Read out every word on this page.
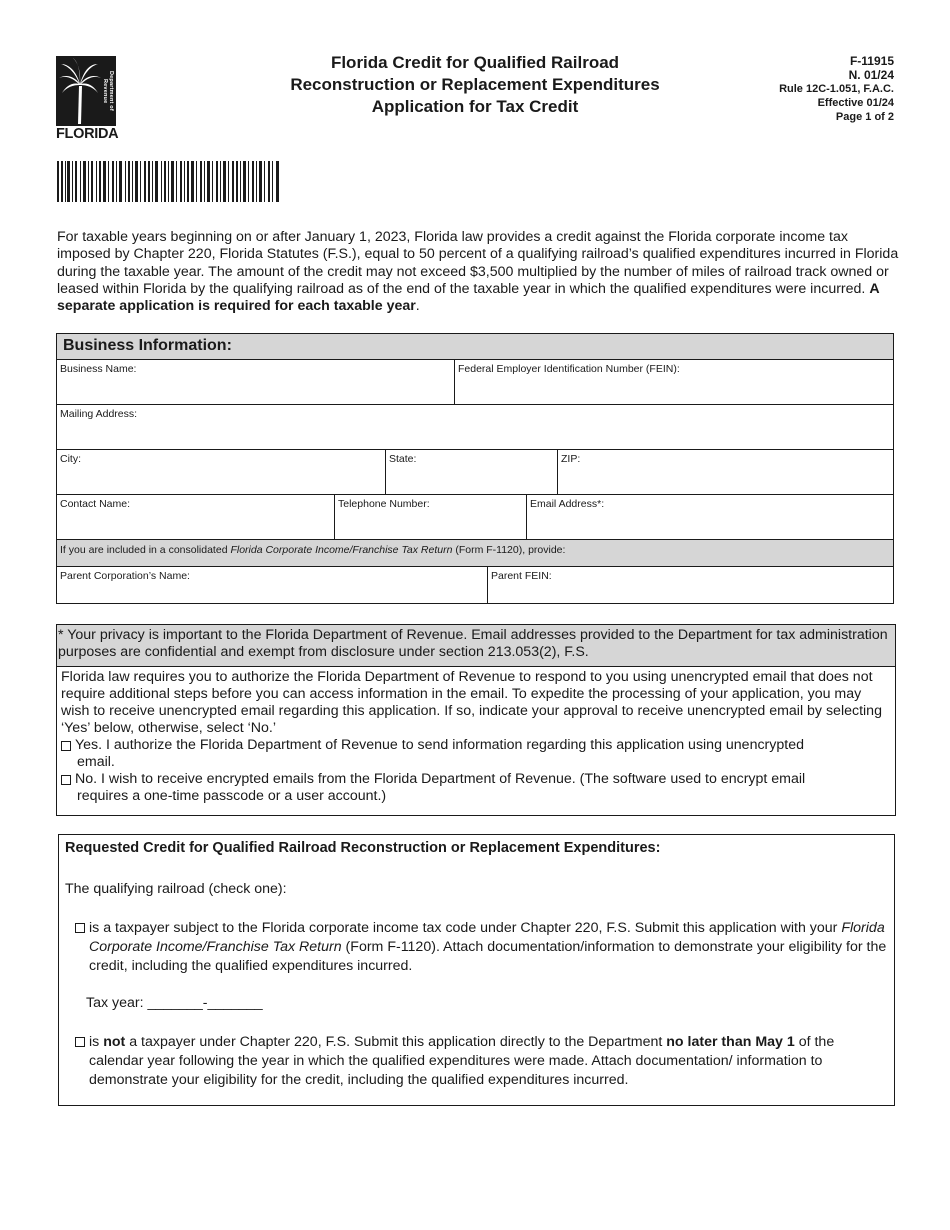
Department of Revenue
FLORIDA
Florida Credit for Qualified Railroad
Reconstruction or Replacement Expenditures
Application for Tax Credit
F-11915
N. 01/24
Rule 12C-1.051, F.A.C.
Effective 01/24
Page 1 of 2
For taxable years beginning on or after January 1, 2023, Florida law provides a credit against the Florida corporate income tax imposed by Chapter 220, Florida Statutes (F.S.), equal to 50 percent of a qualifying railroad’s qualified expenditures incurred in Florida during the taxable year. The amount of the credit may not exceed $3,500 multiplied by the number of miles of railroad track owned or leased within Florida by the qualifying railroad as of the end of the taxable year in which the qualified expenditures were incurred. A separate application is required for each taxable year.
Business Information:
Business Name:	Federal Employer Identification Number (FEIN):
Mailing Address:
City:	State:	ZIP:
Contact Name:	Telephone Number:	Email Address*:
If you are included in a consolidated Florida Corporate Income/Franchise Tax Return (Form F-1120), provide:
Parent Corporation’s Name:	Parent FEIN:
* Your privacy is important to the Florida Department of Revenue. Email addresses provided to the Department for tax administration purposes are confidential and exempt from disclosure under section 213.053(2), F.S.
Florida law requires you to authorize the Florida Department of Revenue to respond to you using unencrypted email that does not require additional steps before you can access information in the email. To expedite the processing of your application, you may wish to receive unencrypted email regarding this application. If so, indicate your approval to receive unencrypted email by selecting ‘Yes’ below, otherwise, select ‘No.’
Yes. I authorize the Florida Department of Revenue to send information regarding this application using unencrypted
email.
No. I wish to receive encrypted emails from the Florida Department of Revenue. (The software used to encrypt email
requires a one-time passcode or a user account.)
Requested Credit for Qualified Railroad Reconstruction or Replacement Expenditures:
The qualifying railroad (check one):
is a taxpayer subject to the Florida corporate income tax code under Chapter 220, F.S. Submit this application with your Florida Corporate Income/Franchise Tax Return (Form F-1120). Attach documentation/information to demonstrate your eligibility for the credit, including the qualified expenditures incurred.
Tax year: _______-_______
is not a taxpayer under Chapter 220, F.S. Submit this application directly to the Department no later than May 1 of the calendar year following the year in which the qualified expenditures were made. Attach documentation/ information to demonstrate your eligibility for the credit, including the qualified expenditures incurred.
